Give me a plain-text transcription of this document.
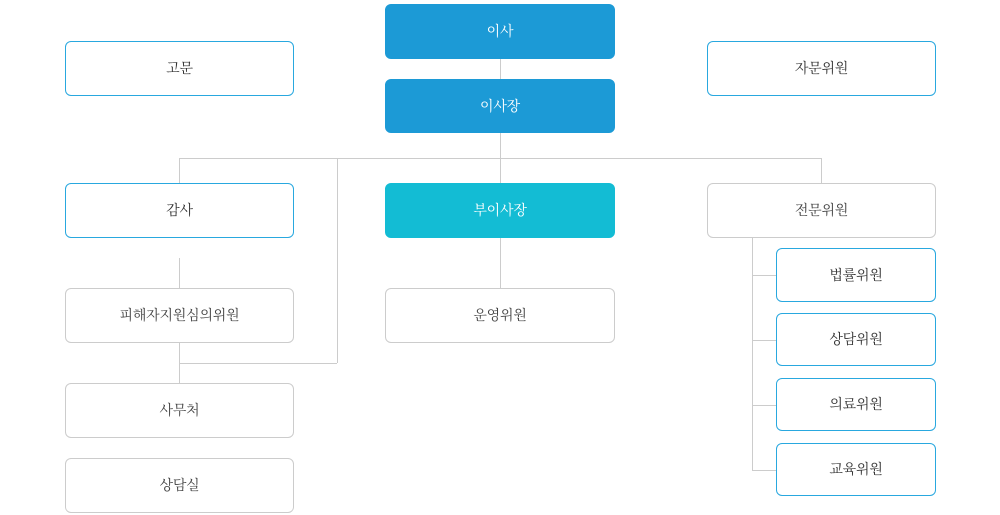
이사
고문	자문위원
이사장
감사	부이사장	전문위원
법률위원
피해자지원심의위원	운영위원
상담위원
의료위원
사무처
교육위원
상담실
